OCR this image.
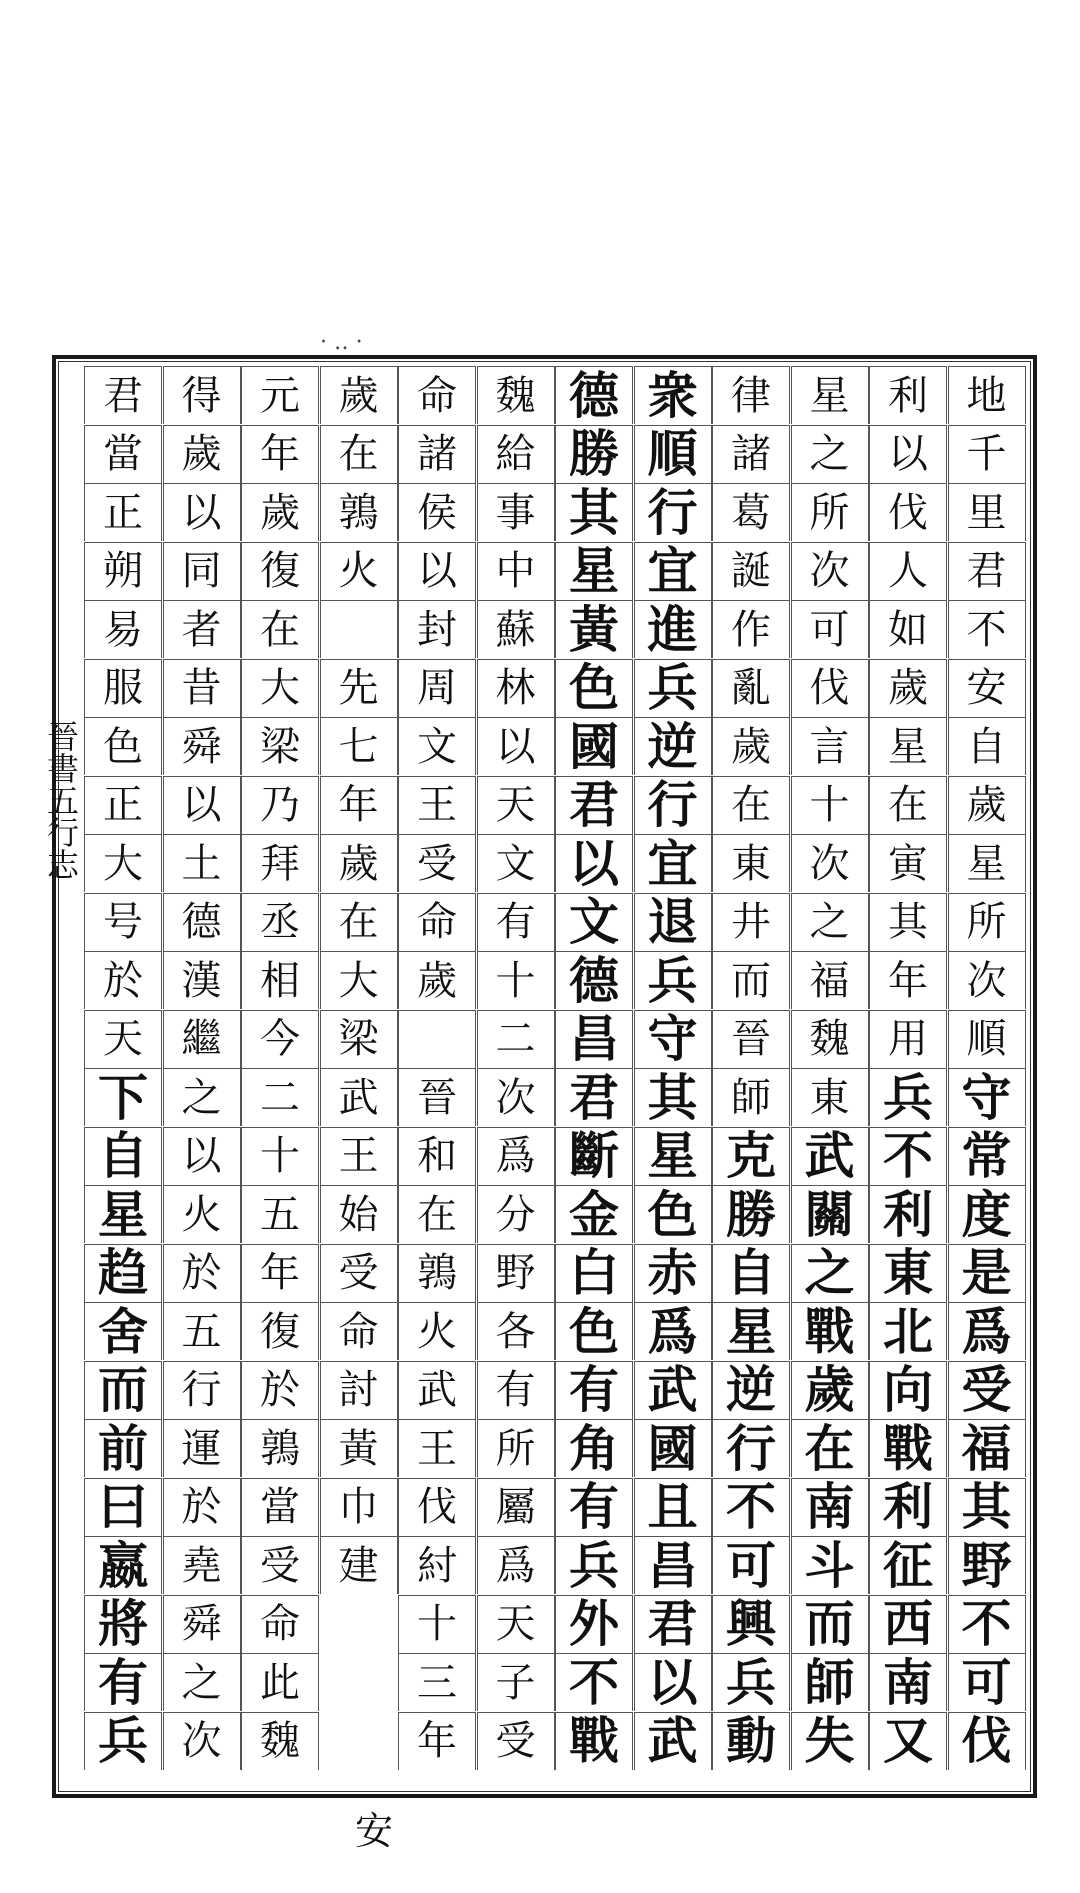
· ‥ ·
地
千
里
君
不
安
自
歲
星
所
次
順
守
常
度
是
爲
受
福
其
野
不
可
伐
利
以
伐
人
如
歲
星
在
寅
其
年
用
兵
不
利
東
北
向
戰
利
征
西
南
又
星
之
所
次
可
伐
言
十
次
之
福
魏
東
武
關
之
戰
歲
在
南
斗
而
師
失
律
諸
葛
誕
作
亂
歲
在
東
井
而
晉
師
克
勝
自
星
逆
行
不
可
興
兵
動
衆
順
行
宜
進
兵
逆
行
宜
退
兵
守
其
星
色
赤
爲
武
國
且
昌
君
以
武
德
勝
其
星
黃
色
國
君
以
文
德
昌
君
斷
金
白
色
有
角
有
兵
外
不
戰
魏
給
事
中
蘇
林
以
天
文
有
十
二
次
爲
分
野
各
有
所
屬
爲
天
子
受
命
諸
侯
以
封
周
文
王
受
命
歲
晉
和
在
鶉
火
武
王
伐
紂
十
三
年
歲
在
鶉
火
先
七
年
歲
在
大
梁
武
王
始
受
命
討
黃
巾
建
元
年
歲
復
在
大
梁
乃
拜
丞
相
今
二
十
五
年
復
於
鶉
當
受
命
此
魏
得
歲
以
同
者
昔
舜
以
土
德
漢
繼
之
以
火
於
五
行
運
於
堯
舜
之
次
君
當
正
朔
易
服
色
正
大
号
於
天
下
自
星
趋
舍
而
前
曰
嬴
將
有
兵
晉書五行志
安
